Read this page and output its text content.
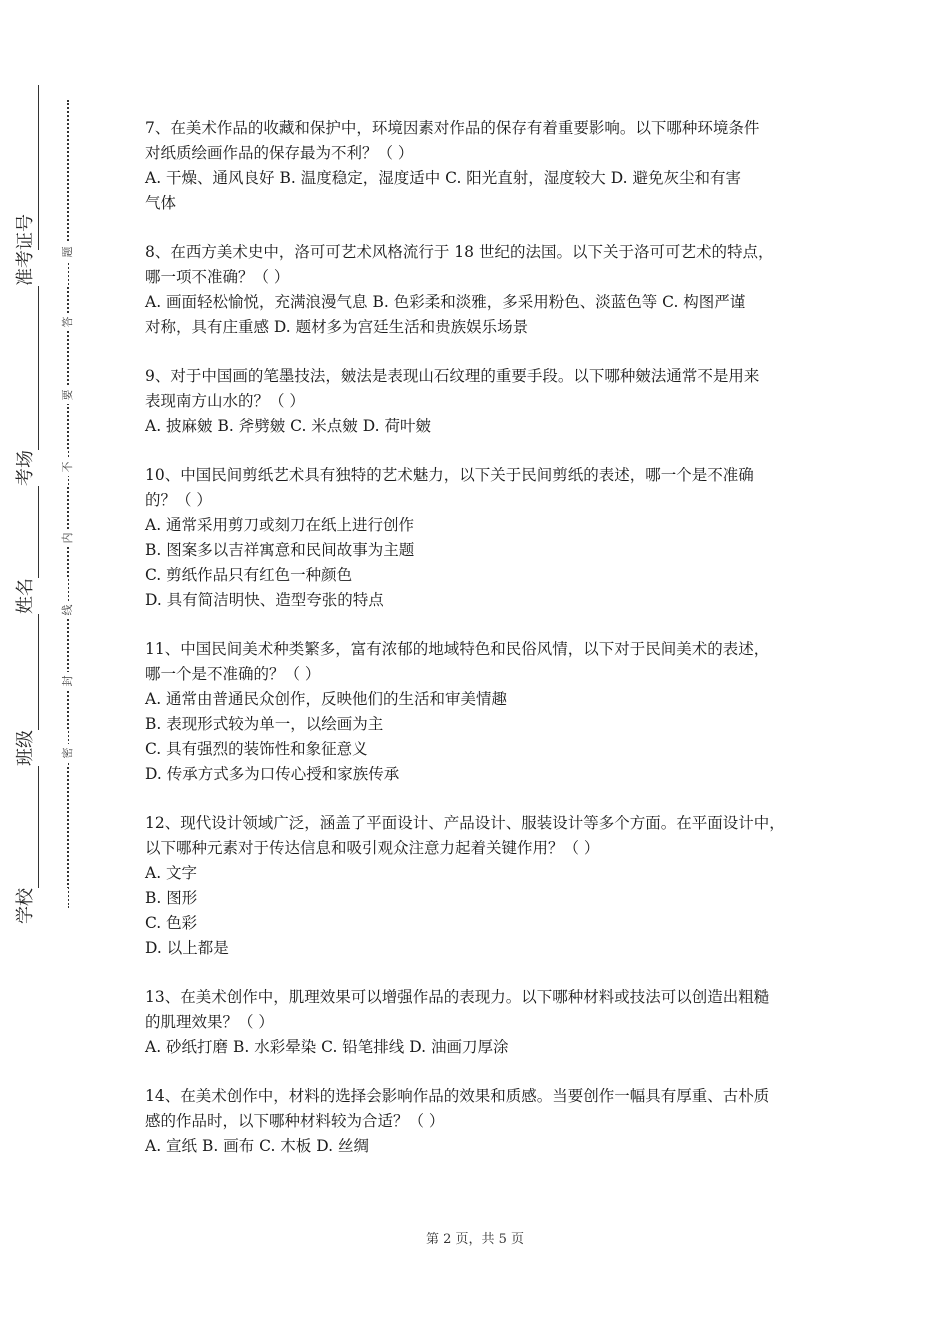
准考证号
考场
姓名
班级
学校
题
答
要
不
内
线
封
密
7、在美术作品的收藏和保护中，环境因素对作品的保存有着重要影响。以下哪种环境条件
对纸质绘画作品的保存最为不利？（ ）
A. 干燥、通风良好 B. 温度稳定，湿度适中 C. 阳光直射，湿度较大 D. 避免灰尘和有害
气体
8、在西方美术史中，洛可可艺术风格流行于 18 世纪的法国。以下关于洛可可艺术的特点，
哪一项不准确？（ ）
A. 画面轻松愉悦，充满浪漫气息 B. 色彩柔和淡雅，多采用粉色、淡蓝色等 C. 构图严谨
对称，具有庄重感 D. 题材多为宫廷生活和贵族娱乐场景
9、对于中国画的笔墨技法，皴法是表现山石纹理的重要手段。以下哪种皴法通常不是用来
表现南方山水的？（ ）
A. 披麻皴 B. 斧劈皴 C. 米点皴 D. 荷叶皴
10、中国民间剪纸艺术具有独特的艺术魅力，以下关于民间剪纸的表述，哪一个是不准确
的？（ ）
A. 通常采用剪刀或刻刀在纸上进行创作
B. 图案多以吉祥寓意和民间故事为主题
C. 剪纸作品只有红色一种颜色
D. 具有简洁明快、造型夸张的特点
11、中国民间美术种类繁多，富有浓郁的地域特色和民俗风情，以下对于民间美术的表述，
哪一个是不准确的？（ ）
A. 通常由普通民众创作，反映他们的生活和审美情趣
B. 表现形式较为单一，以绘画为主
C. 具有强烈的装饰性和象征意义
D. 传承方式多为口传心授和家族传承
12、现代设计领域广泛，涵盖了平面设计、产品设计、服装设计等多个方面。在平面设计中，
以下哪种元素对于传达信息和吸引观众注意力起着关键作用？（ ）
A. 文字
B. 图形
C. 色彩
D. 以上都是
13、在美术创作中，肌理效果可以增强作品的表现力。以下哪种材料或技法可以创造出粗糙
的肌理效果？（ ）
A. 砂纸打磨 B. 水彩晕染 C. 铅笔排线 D. 油画刀厚涂
14、在美术创作中，材料的选择会影响作品的效果和质感。当要创作一幅具有厚重、古朴质
感的作品时，以下哪种材料较为合适？（ ）
A. 宣纸 B. 画布 C. 木板 D. 丝绸
第 2 页，共 5 页
